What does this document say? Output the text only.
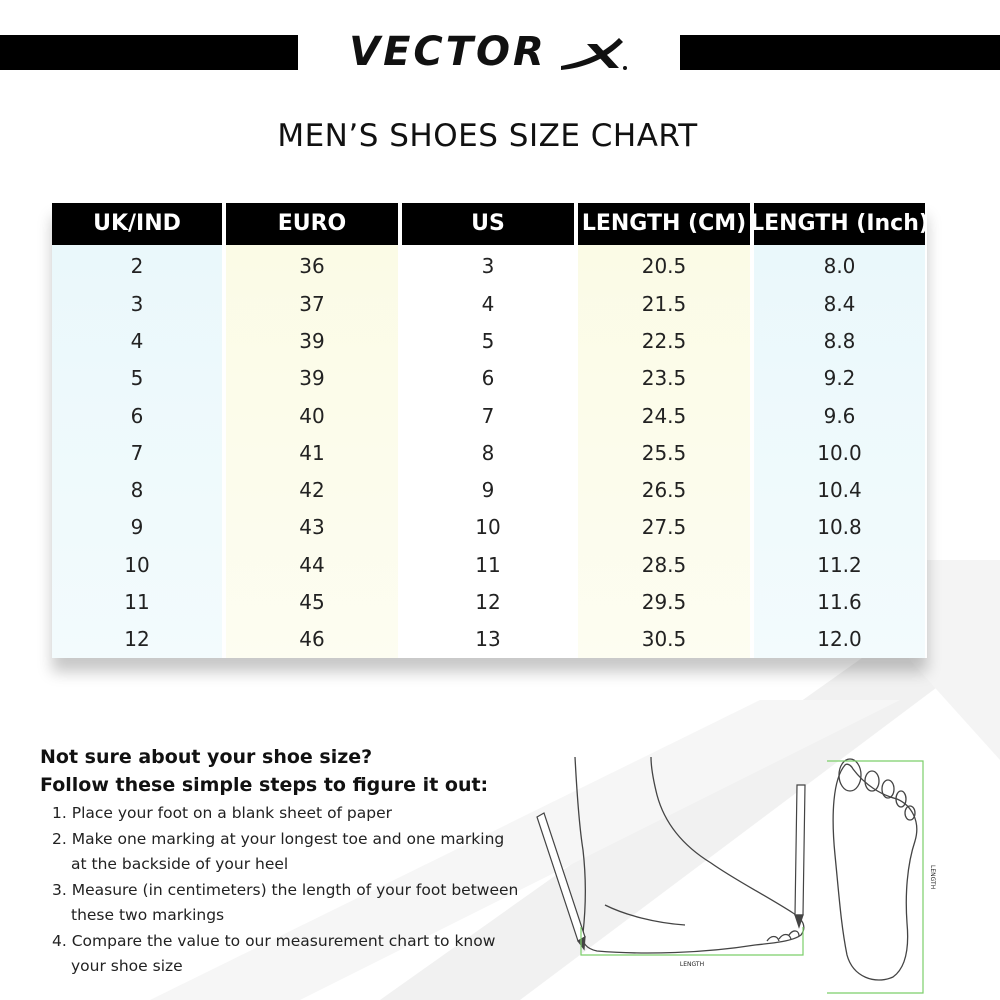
VECTOR
MEN’S SHOES SIZE CHART
UK/IND
2
3
4
5
6
7
8
9
10
11
12
EURO
36
37
39
39
40
41
42
43
44
45
46
US
3
4
5
6
7
8
9
10
11
12
13
LENGTH (CM)
20.5
21.5
22.5
23.5
24.5
25.5
26.5
27.5
28.5
29.5
30.5
LENGTH (Inch)
8.0
8.4
8.8
9.2
9.6
10.0
10.4
10.8
11.2
11.6
12.0
Not sure about your shoe size?
Follow these simple steps to figure it out:
1. Place your foot on a blank sheet of paper
2. Make one marking at your longest toe and one marking
at the backside of your heel
3. Measure (in centimeters) the length of your foot between
these two markings
4. Compare the value to our measurement chart to know
your shoe size	LENGTH
LENGTH
